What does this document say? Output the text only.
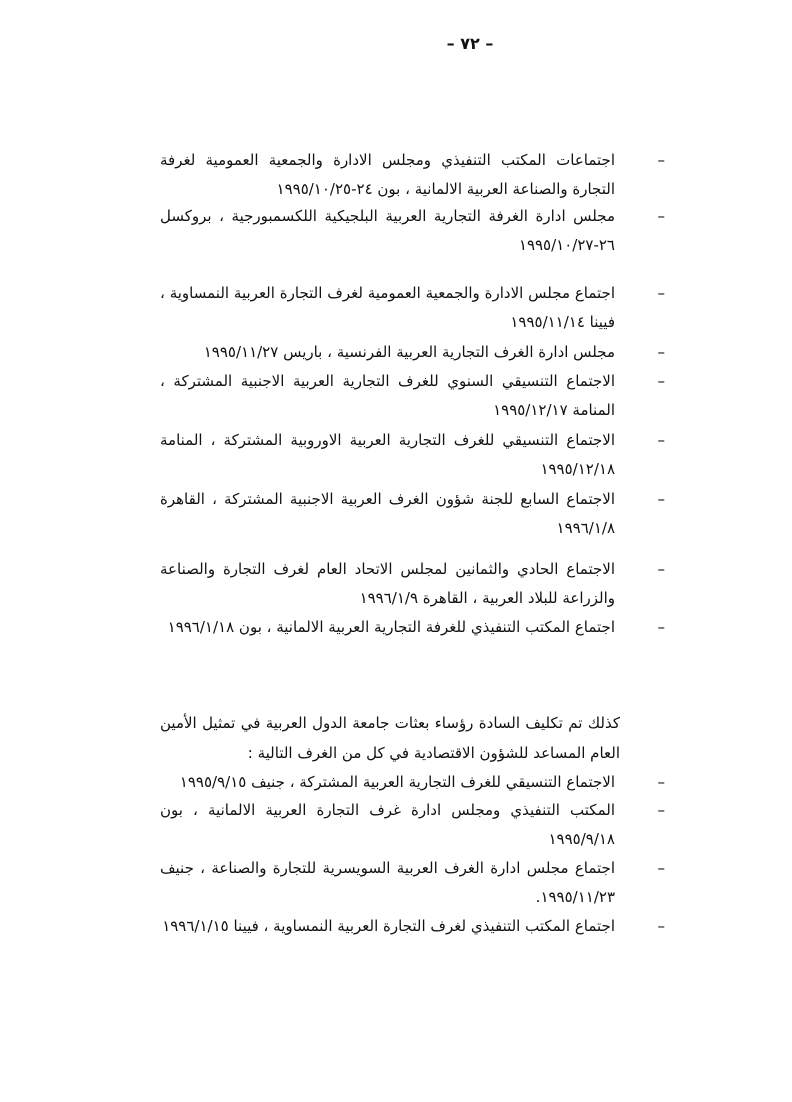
– ٧٢ –
–
اجتماعات المكتب التنفيذي ومجلس الادارة والجمعية العمومية لغرفة التجارة والصناعة العربية الالمانية ، بون ٢٤-١٩٩٥/١٠/٢٥
–
مجلس ادارة الغرفة التجارية العربية البلجيكية اللكسمبورجية ، بروكسل ٢٦-١٩٩٥/١٠/٢٧
–
اجتماع مجلس الادارة والجمعية العمومية لغرف التجارة العربية النمساوية ، فيينا ١٩٩٥/١١/١٤
–
مجلس ادارة الغرف التجارية العربية الفرنسية ، باريس ١٩٩٥/١١/٢٧
–
الاجتماع التنسيقي السنوي للغرف التجارية العربية الاجنبية المشتركة ، المنامة ١٩٩٥/١٢/١٧
–
الاجتماع التنسيقي للغرف التجارية العربية الاوروبية المشتركة ، المنامة ١٩٩٥/١٢/١٨
–
الاجتماع السابع للجنة شؤون الغرف العربية الاجنبية المشتركة ، القاهرة ١٩٩٦/١/٨
–
الاجتماع الحادي والثمانين لمجلس الاتحاد العام لغرف التجارة والصناعة والزراعة للبلاد العربية ، القاهرة ١٩٩٦/١/٩
–
اجتماع المكتب التنفيذي للغرفة التجارية العربية الالمانية ، بون ١٩٩٦/١/١٨
كذلك تم تكليف السادة رؤساء بعثات جامعة الدول العربية في تمثيل الأمين العام المساعد للشؤون الاقتصادية في كل من الغرف التالية :
–
الاجتماع التنسيقي للغرف التجارية العربية المشتركة ، جنيف ١٩٩٥/٩/١٥
–
المكتب التنفيذي ومجلس ادارة غرف التجارة العربية الالمانية ، بون ١٩٩٥/٩/١٨
–
اجتماع مجلس ادارة الغرف العربية السويسرية للتجارة والصناعة ، جنيف ١٩٩٥/١١/٢٣.
–
اجتماع المكتب التنفيذي لغرف التجارة العربية النمساوية ، فيينا ١٩٩٦/١/١٥
